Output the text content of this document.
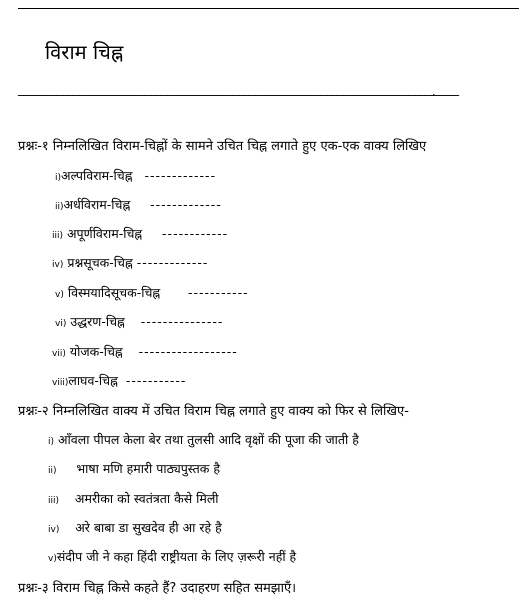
विराम चिह्न
____________________________________________________________________________̣____
प्रश्नः-१ निम्नलिखित विराम-चिह्नों के सामने उचित चिह्न लगाते हुए एक-एक वाक्य लिखिए
i)अल्पविराम-चिह्न -------------
ii)अर्धविराम-चिह्न -------------
iii) अपूर्णविराम-चिह्न ------------
iv) प्रश्नसूचक-चिह्न -------------
v) विस्मयादिसूचक-चिह्न -----------
vi) उद्धरण-चिह्न ---------------
vii) योजक-चिह्न ------------------
viii)लाघव-चिह्न -----------
प्रश्नः-२ निम्नलिखित वाक्य में उचित विराम चिह्न लगाते हुए वाक्य को फिर से लिखिए-
i) आँवला पीपल केला बेर तथा तुलसी आदि वृक्षों की पूजा की जाती है
ii) भाषा मणि हमारी पाठ्यपुस्तक है
iii) अमरीका को स्वतंत्रता कैसे मिली
iv) अरे बाबा डा सुखदेव ही आ रहे है
v)संदीप जी ने कहा हिंदी राष्ट्रीयता के लिए ज़रूरी नहीं है
प्रश्नः-३ विराम चिह्न किसे कहते हैं? उदाहरण सहित समझाएँ।
